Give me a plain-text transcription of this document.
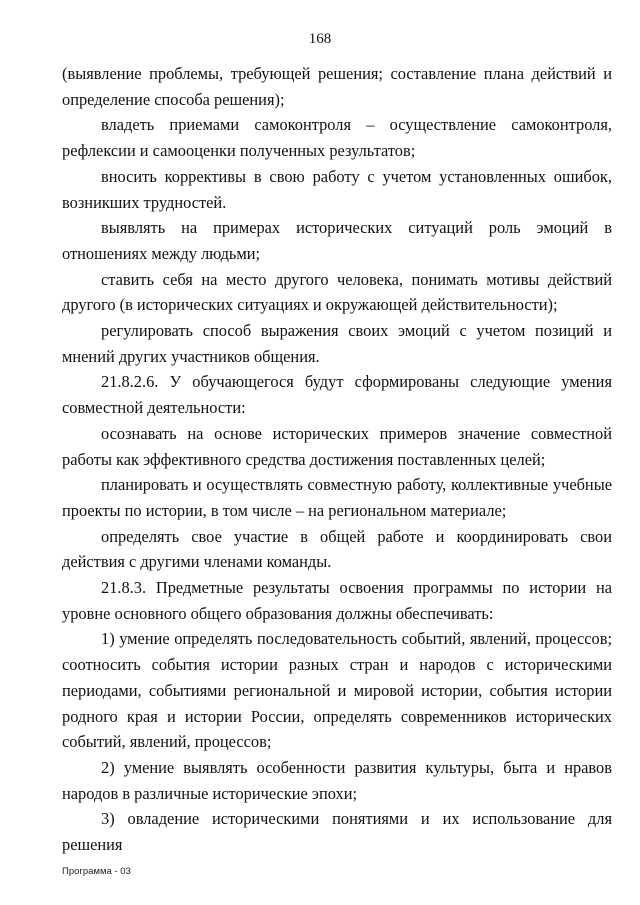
168

(выявление проблемы, требующей решения; составление плана действий и определение способа решения);

владеть приемами самоконтроля – осуществление самоконтроля, рефлексии и самооценки полученных результатов;

вносить коррективы в свою работу с учетом установленных ошибок, возникших трудностей.

выявлять на примерах исторических ситуаций роль эмоций в отношениях между людьми;

ставить себя на место другого человека, понимать мотивы действий другого (в исторических ситуациях и окружающей действительности);

регулировать способ выражения своих эмоций с учетом позиций и мнений других участников общения.

21.8.2.6. У обучающегося будут сформированы следующие умения совместной деятельности:

осознавать на основе исторических примеров значение совместной работы как эффективного средства достижения поставленных целей;

планировать и осуществлять совместную работу, коллективные учебные проекты по истории, в том числе – на региональном материале;

определять свое участие в общей работе и координировать свои действия с другими членами команды.

21.8.3. Предметные результаты освоения программы по истории на уровне основного общего образования должны обеспечивать:

1) умение определять последовательность событий, явлений, процессов; соотносить события истории разных стран и народов с историческими периодами, событиями региональной и мировой истории, события истории родного края и истории России, определять современников исторических событий, явлений, процессов;

2) умение выявлять особенности развития культуры, быта и нравов народов в различные исторические эпохи;

3) овладение историческими понятиями и их использование для решения

Программа - 03
